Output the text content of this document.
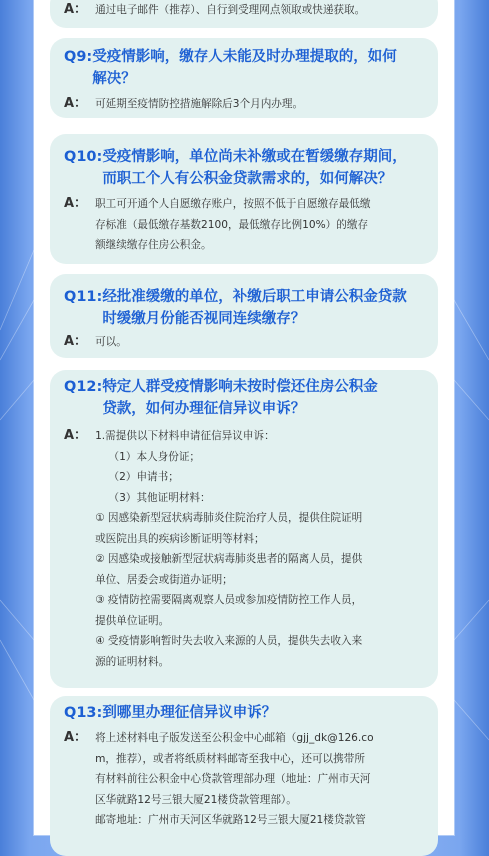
A： 通过电子邮件（推荐）、自行到受理网点领取或快递获取。
Q9: 受疫情影响，缴存人未能及时办理提取的，如何
解决？
A： 可延期至疫情防控措施解除后3个月内办理。
Q10: 受疫情影响，单位尚未补缴或在暂缓缴存期间，
而职工个人有公积金贷款需求的，如何解决？
A： 职工可开通个人自愿缴存账户，按照不低于自愿缴存最低缴
存标准（最低缴存基数2100，最低缴存比例10%）的缴存
额继续缴存住房公积金。
Q11: 经批准缓缴的单位，补缴后职工申请公积金贷款
时缓缴月份能否视同连续缴存？
A： 可以。
Q12: 特定人群受疫情影响未按时偿还住房公积金
贷款，如何办理征信异议申诉？
A： 1.需提供以下材料申请征信异议申诉：
（1）本人身份证；
（2）申请书；
（3）其他证明材料：
① 因感染新型冠状病毒肺炎住院治疗人员，提供住院证明
或医院出具的疾病诊断证明等材料；
② 因感染或接触新型冠状病毒肺炎患者的隔离人员，提供
单位、居委会或街道办证明；
③ 疫情防控需要隔离观察人员或参加疫情防控工作人员，
提供单位证明。
④ 受疫情影响暂时失去收入来源的人员，提供失去收入来
源的证明材料。
Q13: 到哪里办理征信异议申诉？
A： 将上述材料电子版发送至公积金中心邮箱（gjj_dk@126.co
m，推荐），或者将纸质材料邮寄至我中心，还可以携带所
有材料前往公积金中心贷款管理部办理（地址：广州市天河
区华就路12号三银大厦21楼贷款管理部）。
邮寄地址：广州市天河区华就路12号三银大厦21楼贷款管
